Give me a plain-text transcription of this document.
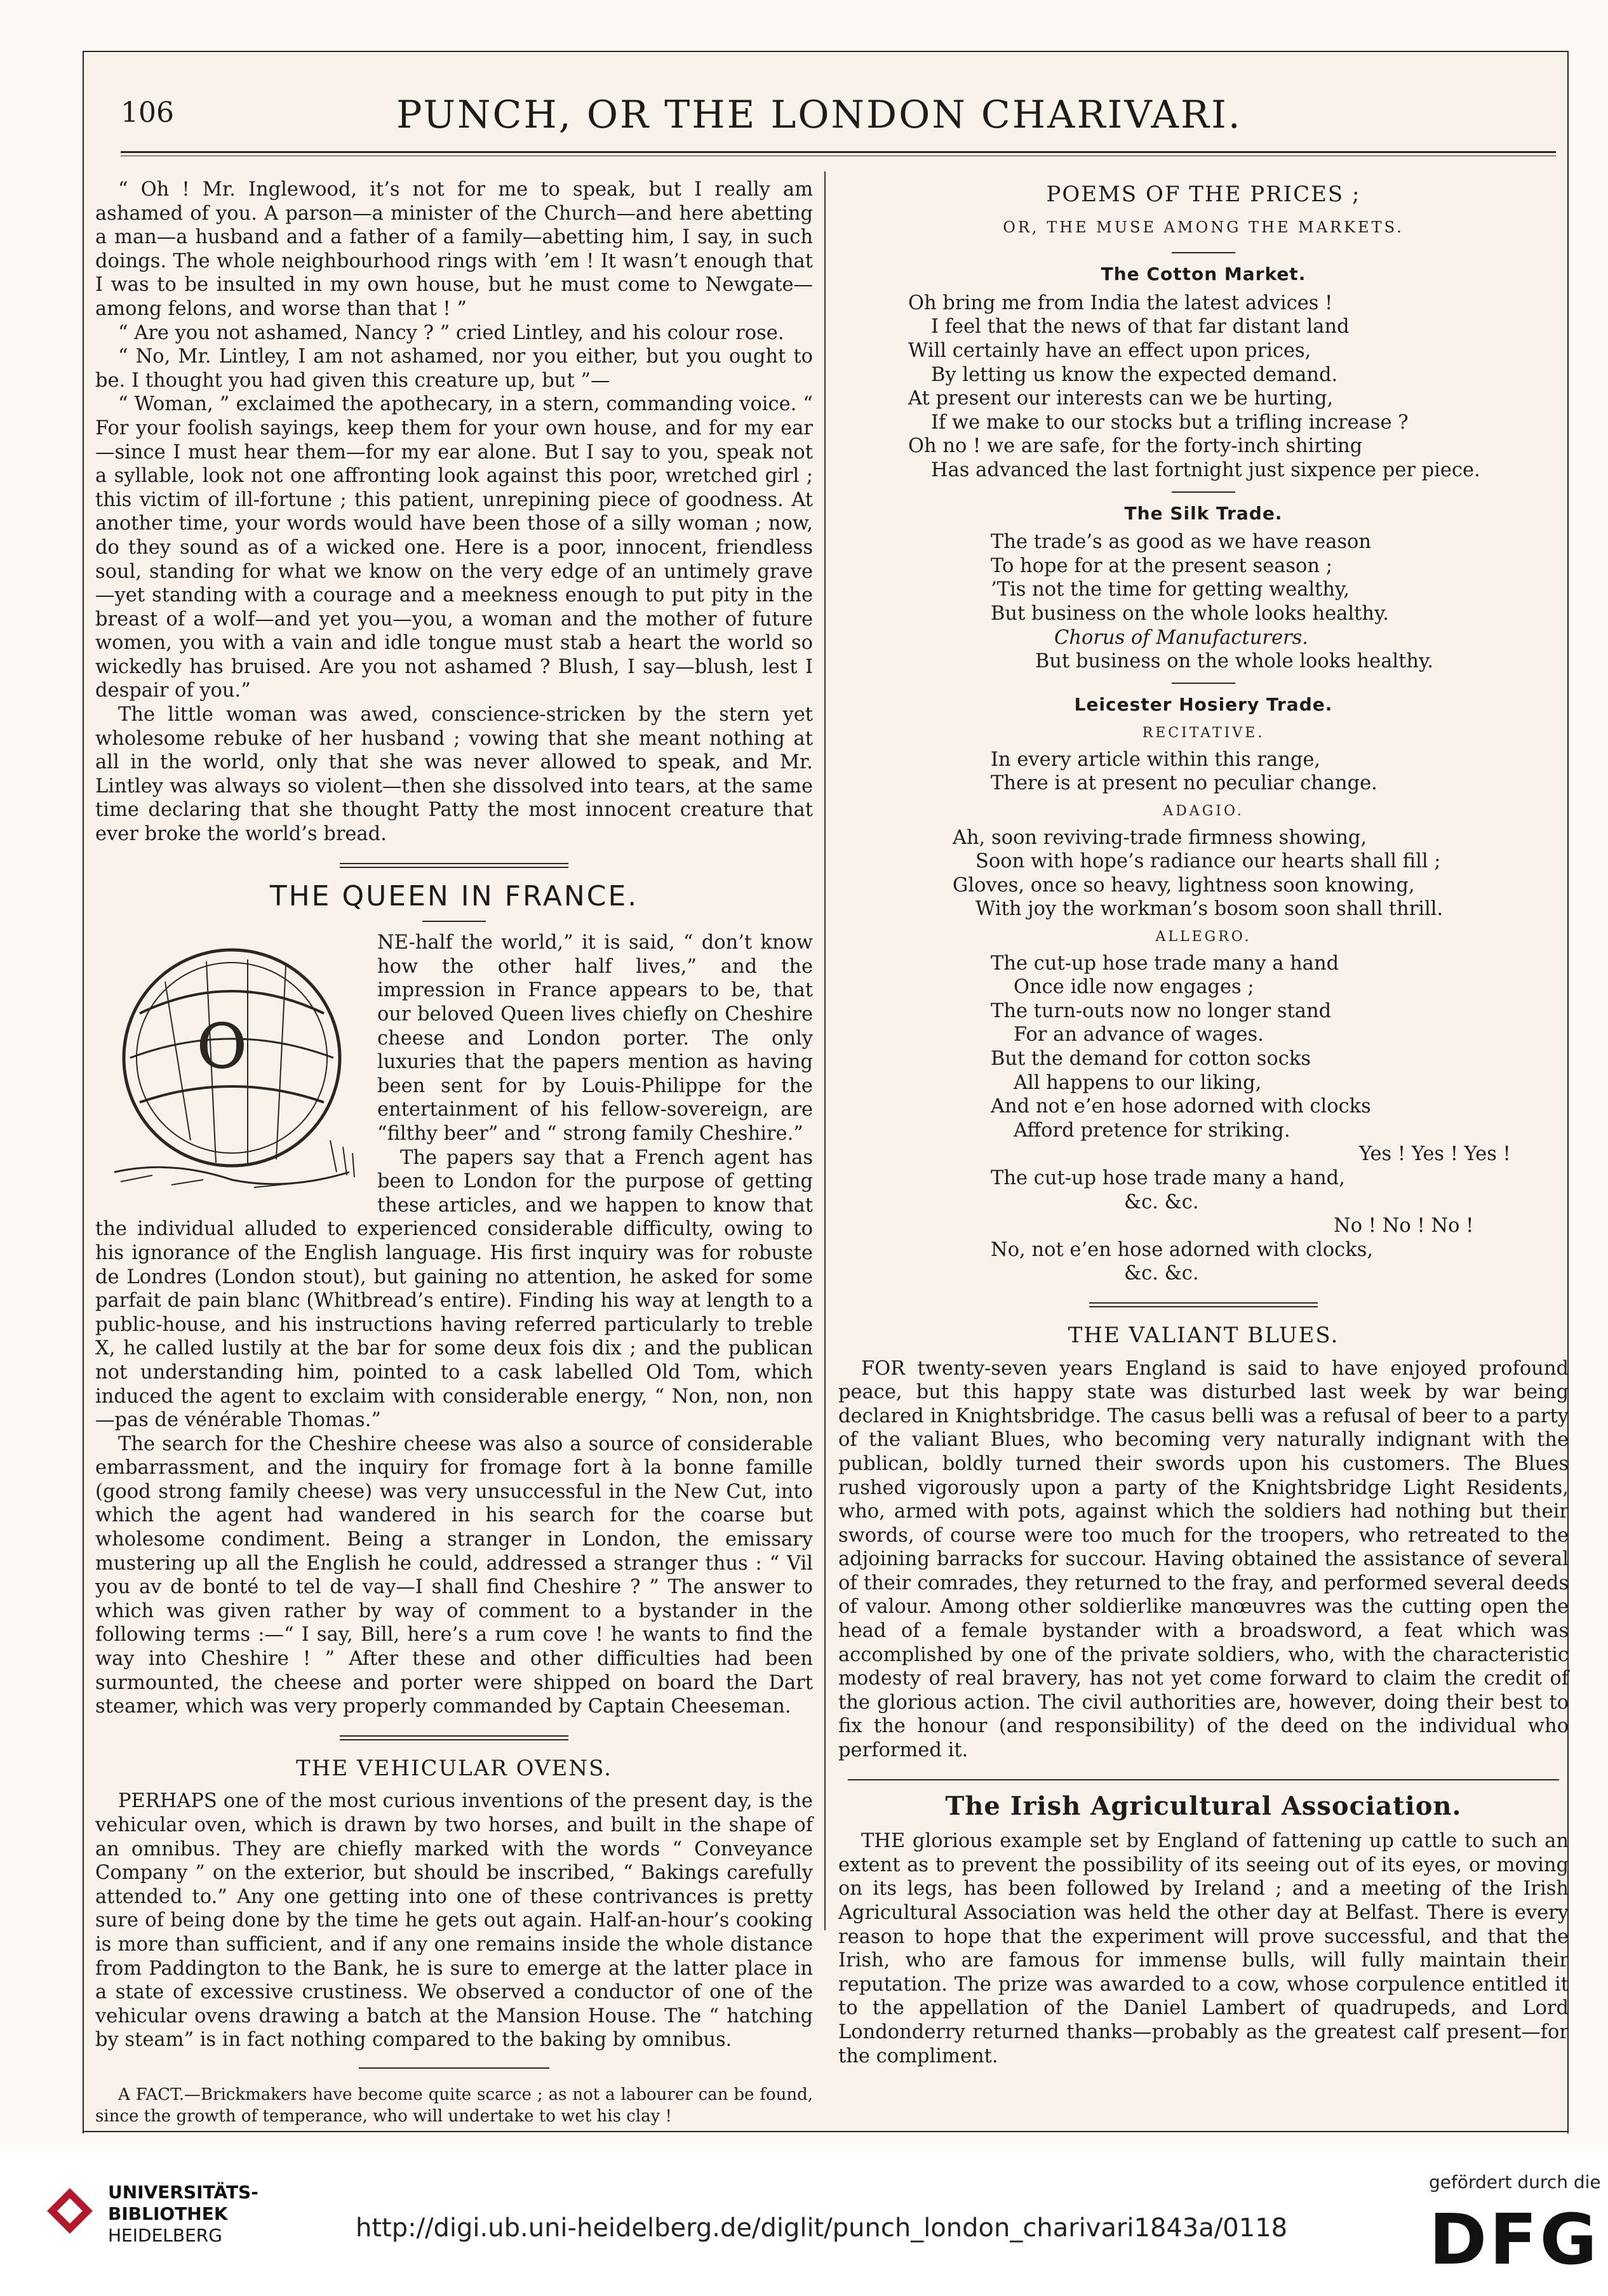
106	PUNCH, OR THE LONDON CHARIVARI.

“ Oh ! Mr. Inglewood, it’s not for me to speak, but I really am ashamed of you. A parson—a minister of the Church—and here abetting a man—a husband and a father of a family—abetting him, I say, in such doings. The whole neighbourhood rings with ’em ! It wasn’t enough that I was to be insulted in my own house, but he must come to Newgate—among felons, and worse than that ! ”

“ Are you not ashamed, Nancy ? ” cried Lintley, and his colour rose.

“ No, Mr. Lintley, I am not ashamed, nor you either, but you ought to be. I thought you had given this creature up, but ”—

“ Woman, ” exclaimed the apothecary, in a stern, commanding voice. “ For your foolish sayings, keep them for your own house, and for my ear—since I must hear them—for my ear alone. But I say to you, speak not a syllable, look not one affronting look against this poor, wretched girl ; this victim of ill-fortune ; this patient, unrepining piece of goodness. At another time, your words would have been those of a silly woman ; now, do they sound as of a wicked one. Here is a poor, innocent, friendless soul, standing for what we know on the very edge of an untimely grave—yet standing with a courage and a meekness enough to put pity in the breast of a wolf—and yet you—you, a woman and the mother of future women, you with a vain and idle tongue must stab a heart the world so wickedly has bruised. Are you not ashamed ? Blush, I say—blush, lest I despair of you.”

The little woman was awed, conscience-stricken by the stern yet wholesome rebuke of her husband ; vowing that she meant nothing at all in the world, only that she was never allowed to speak, and Mr. Lintley was always so violent—then she dissolved into tears, at the same time declaring that she thought Patty the most innocent creature that ever broke the world’s bread.

THE QUEEN IN FRANCE.
O

NE-half the world,” it is said, “ don’t know how the other half lives,” and the impression in France appears to be, that our beloved Queen lives chiefly on Cheshire cheese and London porter. The only luxuries that the papers mention as having been sent for by Louis-Philippe for the entertainment of his fellow-sovereign, are “filthy beer” and “ strong family Cheshire.”

The papers say that a French agent has been to London for the purpose of getting these articles, and we happen to know that the individual alluded to experienced considerable difficulty, owing to his ignorance of the English language. His first inquiry was for robuste de Londres (London stout), but gaining no attention, he asked for some parfait de pain blanc (Whitbread’s entire). Finding his way at length to a public-house, and his instructions having referred particularly to treble X, he called lustily at the bar for some deux fois dix ; and the publican not understanding him, pointed to a cask labelled Old Tom, which induced the agent to exclaim with considerable energy, “ Non, non, non—pas de vénérable Thomas.”

The search for the Cheshire cheese was also a source of considerable embarrassment, and the inquiry for fromage fort à la bonne famille (good strong family cheese) was very unsuccessful in the New Cut, into which the agent had wandered in his search for the coarse but wholesome condiment. Being a stranger in London, the emissary mustering up all the English he could, addressed a stranger thus : “ Vil you av de bonté to tel de vay—I shall find Cheshire ? ” The answer to which was given rather by way of comment to a bystander in the following terms :—“ I say, Bill, here’s a rum cove ! he wants to find the way into Cheshire ! ” After these and other difficulties had been surmounted, the cheese and porter were shipped on board the Dart steamer, which was very properly commanded by Captain Cheeseman.

THE VEHICULAR OVENS.

PERHAPS one of the most curious inventions of the present day, is the vehicular oven, which is drawn by two horses, and built in the shape of an omnibus. They are chiefly marked with the words “ Conveyance Company ” on the exterior, but should be inscribed, “ Bakings carefully attended to.” Any one getting into one of these contrivances is pretty sure of being done by the time he gets out again. Half-an-hour’s cooking is more than sufficient, and if any one remains inside the whole distance from Paddington to the Bank, he is sure to emerge at the latter place in a state of excessive crustiness. We observed a conductor of one of the vehicular ovens drawing a batch at the Mansion House. The “ hatching by steam” is in fact nothing compared to the baking by omnibus.

A FACT.—Brickmakers have become quite scarce ; as not a labourer can be found, since the growth of temperance, who will undertake to wet his clay !

POEMS OF THE PRICES ;
OR, THE MUSE AMONG THE MARKETS.
The Cotton Market.
Oh bring me from India the latest advices !
I feel that the news of that far distant land
Will certainly have an effect upon prices,
By letting us know the expected demand.
At present our interests can we be hurting,
If we make to our stocks but a trifling increase ?
Oh no ! we are safe, for the forty-inch shirting
Has advanced the last fortnight just sixpence per piece.
The Silk Trade.
The trade’s as good as we have reason
To hope for at the present season ;
’Tis not the time for getting wealthy,
But business on the whole looks healthy.
Chorus of Manufacturers.
But business on the whole looks healthy.
Leicester Hosiery Trade.
RECITATIVE.
In every article within this range,
There is at present no peculiar change.
ADAGIO.
Ah, soon reviving-trade firmness showing,
Soon with hope’s radiance our hearts shall fill ;
Gloves, once so heavy, lightness soon knowing,
With joy the workman’s bosom soon shall thrill.
ALLEGRO.
The cut-up hose trade many a hand
Once idle now engages ;
The turn-outs now no longer stand
For an advance of wages.
But the demand for cotton socks
All happens to our liking,
And not e’en hose adorned with clocks
Afford pretence for striking.
Yes ! Yes ! Yes !
The cut-up hose trade many a hand,
&c. &c.
No ! No ! No !
No, not e’en hose adorned with clocks,
&c. &c.
THE VALIANT BLUES.

FOR twenty-seven years England is said to have enjoyed profound peace, but this happy state was disturbed last week by war being declared in Knightsbridge. The casus belli was a refusal of beer to a party of the valiant Blues, who becoming very naturally indignant with the publican, boldly turned their swords upon his customers. The Blues rushed vigorously upon a party of the Knightsbridge Light Residents, who, armed with pots, against which the soldiers had nothing but their swords, of course were too much for the troopers, who retreated to the adjoining barracks for succour. Having obtained the assistance of several of their comrades, they returned to the fray, and performed several deeds of valour. Among other soldierlike manœuvres was the cutting open the head of a female bystander with a broadsword, a feat which was accomplished by one of the private soldiers, who, with the characteristic modesty of real bravery, has not yet come forward to claim the credit of the glorious action. The civil authorities are, however, doing their best to fix the honour (and responsibility) of the deed on the individual who performed it.

The Irish Agricultural Association.

THE glorious example set by England of fattening up cattle to such an extent as to prevent the possibility of its seeing out of its eyes, or moving on its legs, has been followed by Ireland ; and a meeting of the Irish Agricultural Association was held the other day at Belfast. There is every reason to hope that the experiment will prove successful, and that the Irish, who are famous for immense bulls, will fully maintain their reputation. The prize was awarded to a cow, whose corpulence entitled it to the appellation of the Daniel Lambert of quadrupeds, and Lord Londonderry returned thanks—probably as the greatest calf present—for the compliment.

UNIVERSITÄTS-
BIBLIOTHEK
HEIDELBERG	http://digi.ub.uni-heidelberg.de/diglit/punch_london_charivari1843a/0118
gefördert durch die
DFG
